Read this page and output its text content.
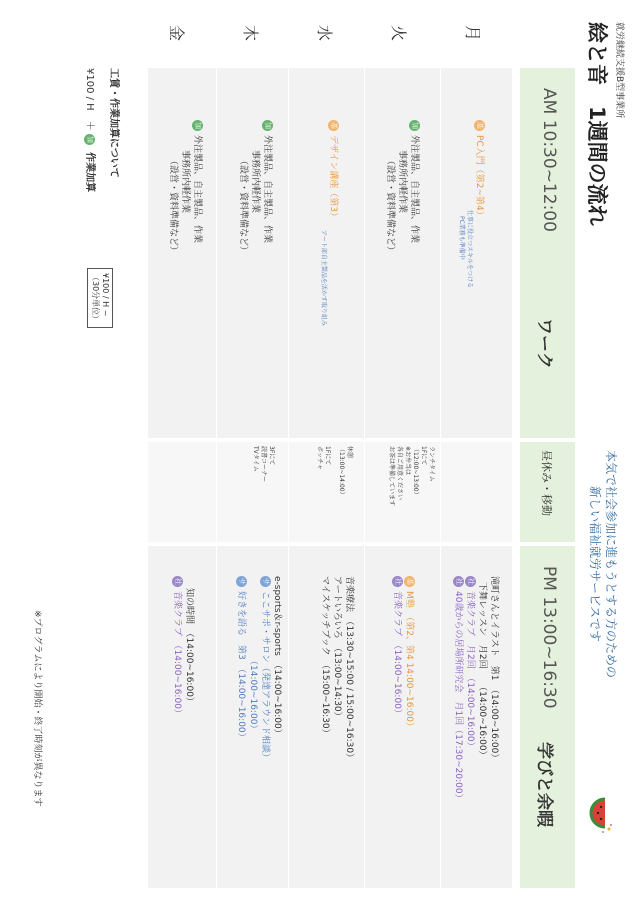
就労継続支援B型事業所
絵と音　1週間の流れ
本気で社会参加に進もうとする方のための
新しい福祉就労サービスです
AM 10:30~12:00
ワーク
昼休み・移動
PM 13:00~16:30
学びと余暇
月
火
水
木
金
基PC入門（第2~第4）
仕事に役立つスキルをつける
PC業務も準備中
滝町さんとイラスト　第1　（14:00~16:00）
下舞レッスン　月2回　　（14:00~16:00）
社音楽クラブ　月2回　（14:00~16:00）
社40歳からの居場所研究会　月1回（17:30~20:00）
加外注製品、自主製品、作業
事務所内軽作業
（設営・資料準備など）
ランチタイム
1Fにて
（12:00~13:00）
※お弁当は
各自ご用意ください
お茶は準備しています
基M塾　（第2、第4 14:00~16:00）
社音楽クラブ　（14:00~16:00）
基デザイン講座（第3）
アート部自主製品を活かす取り組み
休憩
（13:00~14:00）
1Fにて
ボッチャ
音楽療法　（13:30~15:00 / 15:00~16:30）
アートいろいろ　（13:00~14:30）
マイスケッチブック　（15:00~16:30）
加外注製品、自主製品、作業
事務所内軽作業
（設営・資料準備など）
3Fにて
読書コーナー
TVタイム
e-sports＆r-sports　（14:00~16:00）
サここサポ・サロン（発達アラウンド相談）
（14:00~16:00）
サ好きを語る　第3　（14:00~16:00）
加外注製品、自主製品、作業
事務所内軽作業
（設営・資料準備など）
知の時間　（14:00~16:00）
社音楽クラブ　（14:00~16:00）
工賃・作業加算について
¥100 / H　＋ 加 作業加算
¥100 / H ~
（30分単位）
※プログラムにより開始・終了時刻が異なります
